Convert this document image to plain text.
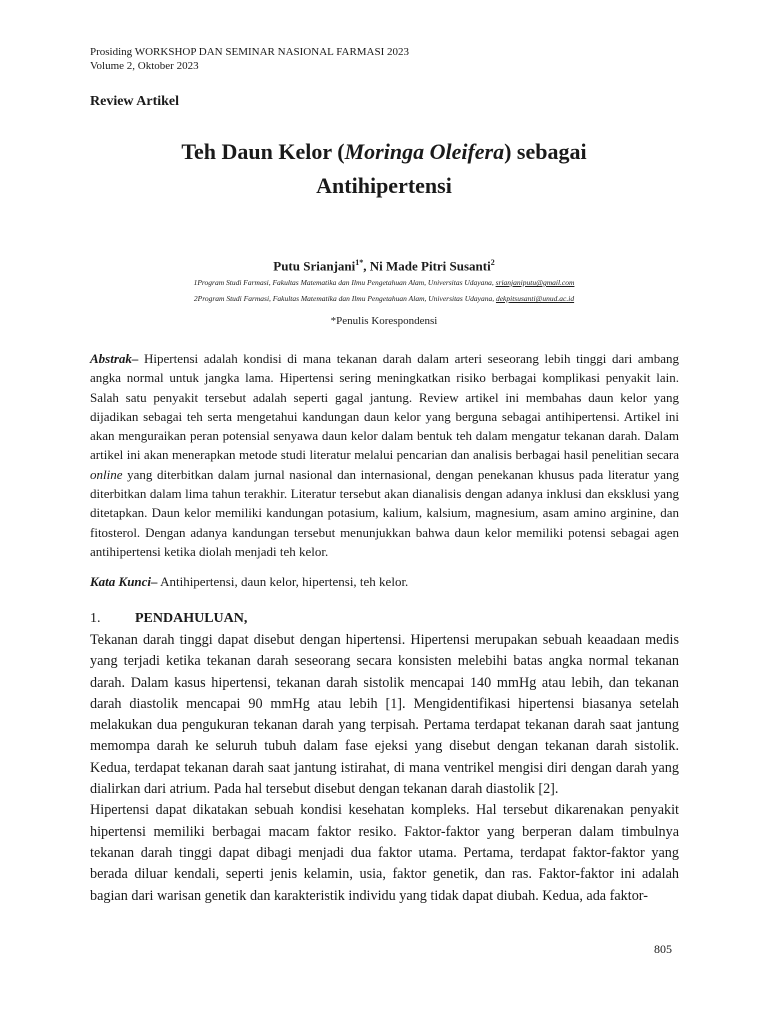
Prosiding WORKSHOP DAN SEMINAR NASIONAL FARMASI 2023
Volume 2, Oktober 2023
Review Artikel
Teh Daun Kelor (Moringa Oleifera) sebagai
Antihipertensi
Putu Srianjani$^{1*}$, Ni Made Pitri Susanti$^2$
1Program Studi Farmasi, Fakultas Matematika dan Ilmu Pengetahuan Alam, Universitas Udayana, srianjaniputu@gmail.com
2Program Studi Farmasi, Fakultas Matematika dan Ilmu Pengetahuan Alam, Universitas Udayana, dekpitsusanti@unud.ac.id
*Penulis Korespondensi
Abstrak– Hipertensi adalah kondisi di mana tekanan darah dalam arteri seseorang lebih tinggi dari ambang angka normal untuk jangka lama. Hipertensi sering meningkatkan risiko berbagai komplikasi penyakit lain. Salah satu penyakit tersebut adalah seperti gagal jantung. Review artikel ini membahas daun kelor yang dijadikan sebagai teh serta mengetahui kandungan daun kelor yang berguna sebagai antihipertensi. Artikel ini akan menguraikan peran potensial senyawa daun kelor dalam bentuk teh dalam mengatur tekanan darah. Dalam artikel ini akan menerapkan metode studi literatur melalui pencarian dan analisis berbagai hasil penelitian secara online yang diterbitkan dalam jurnal nasional dan internasional, dengan penekanan khusus pada literatur yang diterbitkan dalam lima tahun terakhir. Literatur tersebut akan dianalisis dengan adanya inklusi dan eksklusi yang ditetapkan. Daun kelor memiliki kandungan potasium, kalium, kalsium, magnesium, asam amino arginine, dan fitosterol. Dengan adanya kandungan tersebut menunjukkan bahwa daun kelor memiliki potensi sebagai agen antihipertensi ketika diolah menjadi teh kelor.
Kata Kunci– Antihipertensi, daun kelor, hipertensi, teh kelor.
1. PENDAHULUAN,

Tekanan darah tinggi dapat disebut dengan hipertensi. Hipertensi merupakan sebuah keaadaan medis yang terjadi ketika tekanan darah seseorang secara konsisten melebihi batas angka normal tekanan darah. Dalam kasus hipertensi, tekanan darah sistolik mencapai 140 mmHg atau lebih, dan tekanan darah diastolik mencapai 90 mmHg atau lebih [1]. Mengidentifikasi hipertensi biasanya setelah melakukan dua pengukuran tekanan darah yang terpisah. Pertama terdapat tekanan darah saat jantung memompa darah ke seluruh tubuh dalam fase ejeksi yang disebut dengan tekanan darah sistolik. Kedua, terdapat tekanan darah saat jantung istirahat, di mana ventrikel mengisi diri dengan darah yang dialirkan dari atrium. Pada hal tersebut disebut dengan tekanan darah diastolik [2].

Hipertensi dapat dikatakan sebuah kondisi kesehatan kompleks. Hal tersebut dikarenakan penyakit hipertensi memiliki berbagai macam faktor resiko. Faktor-faktor yang berperan dalam timbulnya tekanan darah tinggi dapat dibagi menjadi dua faktor utama. Pertama, terdapat faktor-faktor yang berada diluar kendali, seperti jenis kelamin, usia, faktor genetik, dan ras. Faktor-faktor ini adalah bagian dari warisan genetik dan karakteristik individu yang tidak dapat diubah. Kedua, ada faktor-

805
